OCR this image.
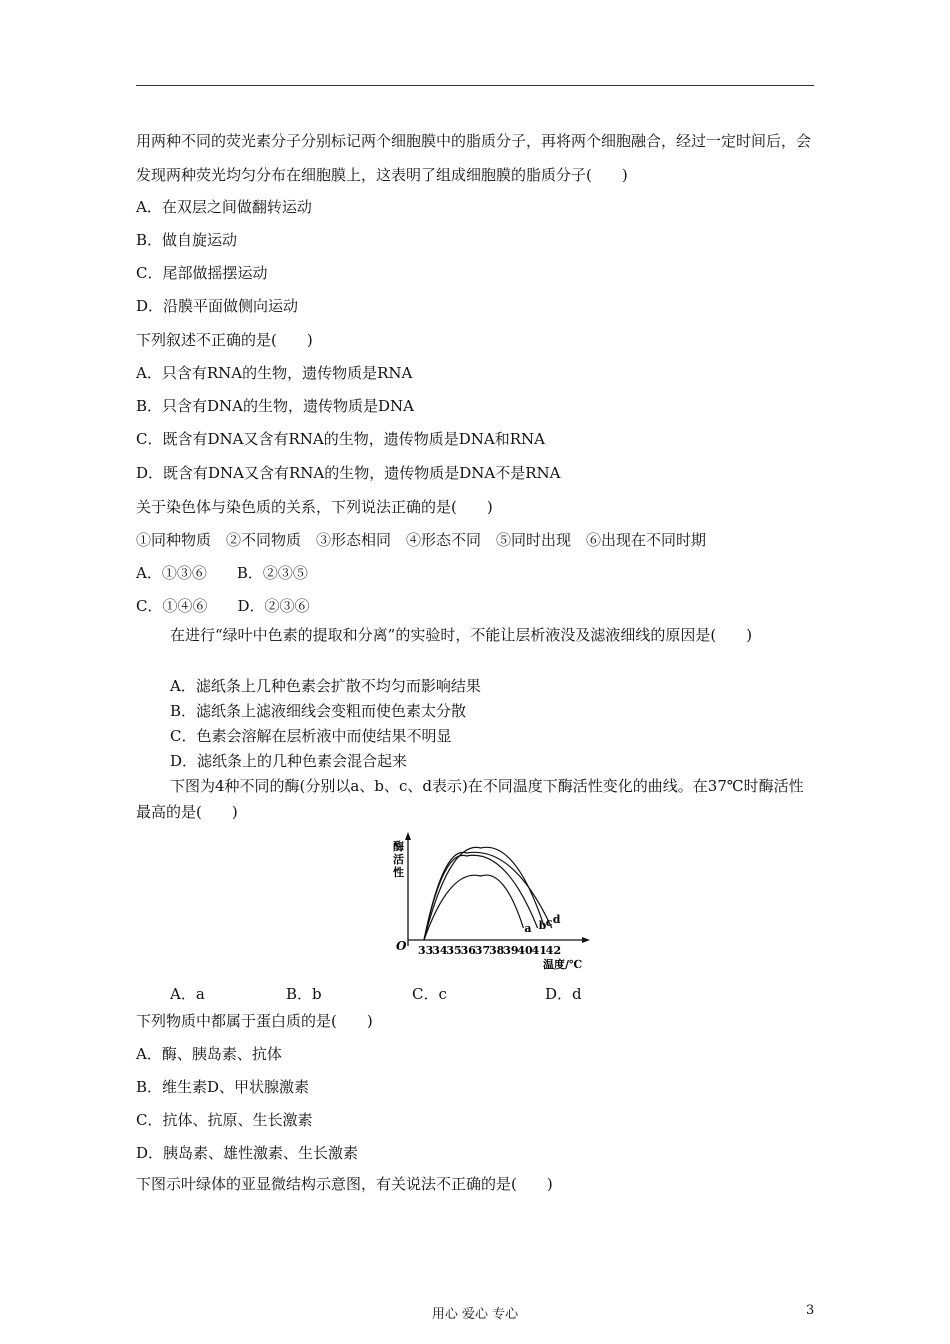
用两种不同的荧光素分子分别标记两个细胞膜中的脂质分子，再将两个细胞融合，经过一定时间后，会发现两种荧光均匀分布在细胞膜上，这表明了组成细胞膜的脂质分子(　　)
A．在双层之间做翻转运动
B．做自旋运动
C．尾部做摇摆运动
D．沿膜平面做侧向运动
下列叙述不正确的是(　　)
A．只含有RNA的生物，遗传物质是RNA
B．只含有DNA的生物，遗传物质是DNA
C．既含有DNA又含有RNA的生物，遗传物质是DNA和RNA
D．既含有DNA又含有RNA的生物，遗传物质是DNA不是RNA
关于染色体与染色质的关系，下列说法正确的是(　　)
①同种物质　②不同物质　③形态相同　④形态不同　⑤同时出现　⑥出现在不同时期
A．①③⑥　　B．②③⑤
C．①④⑥　　D．②③⑥
在进行“绿叶中色素的提取和分离”的实验时，不能让层析液没及滤液细线的原因是(　　)
A．滤纸条上几种色素会扩散不均匀而影响结果
B．滤纸条上滤液细线会变粗而使色素太分散
C．色素会溶解在层析液中而使结果不明显
D．滤纸条上的几种色素会混合起来
下图为4种不同的酶(分别以a、b、c、d表示)在不同温度下酶活性变化的曲线。在37℃时酶活性最高的是(　　)
O
酶
活
性
33
34
35
36
37
38
39
40
41
42
a b c d
温度/℃
A．a	B．b	C．c	D．d
下列物质中都属于蛋白质的是(　　)
A．酶、胰岛素、抗体
B．维生素D、甲状腺激素
C．抗体、抗原、生长激素
D．胰岛素、雄性激素、生长激素
下图示叶绿体的亚显微结构示意图，有关说法不正确的是(　　)
用心 爱心 专心	3
